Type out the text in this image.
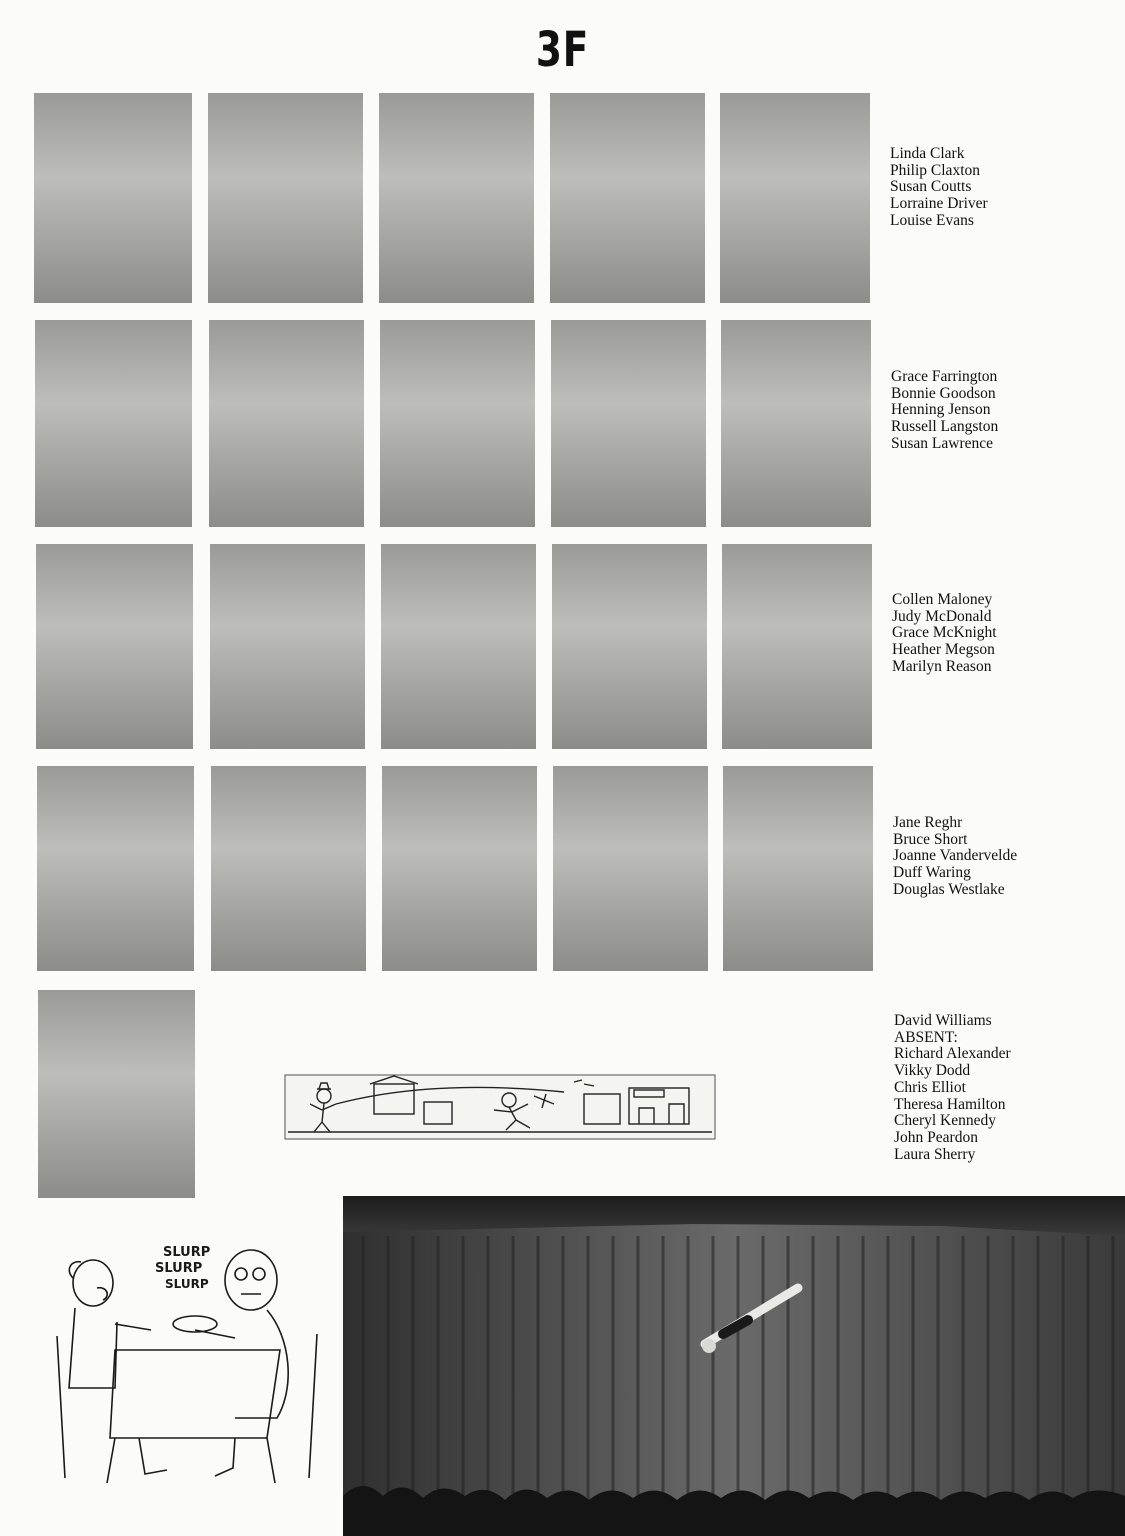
3F
Linda Clark
Philip Claxton
Susan Coutts
Lorraine Driver
Louise Evans
Grace Farrington
Bonnie Goodson
Henning Jenson
Russell Langston
Susan Lawrence
Collen Maloney
Judy McDonald
Grace McKnight
Heather Megson
Marilyn Reason
Jane Reghr
Bruce Short
Joanne Vandervelde
Duff Waring
Douglas Westlake
David Williams
ABSENT:
Richard Alexander
Vikky Dodd
Chris Elliot
Theresa Hamilton
Cheryl Kennedy
John Peardon
Laura Sherry
SLURP
SLURP
SLURP
